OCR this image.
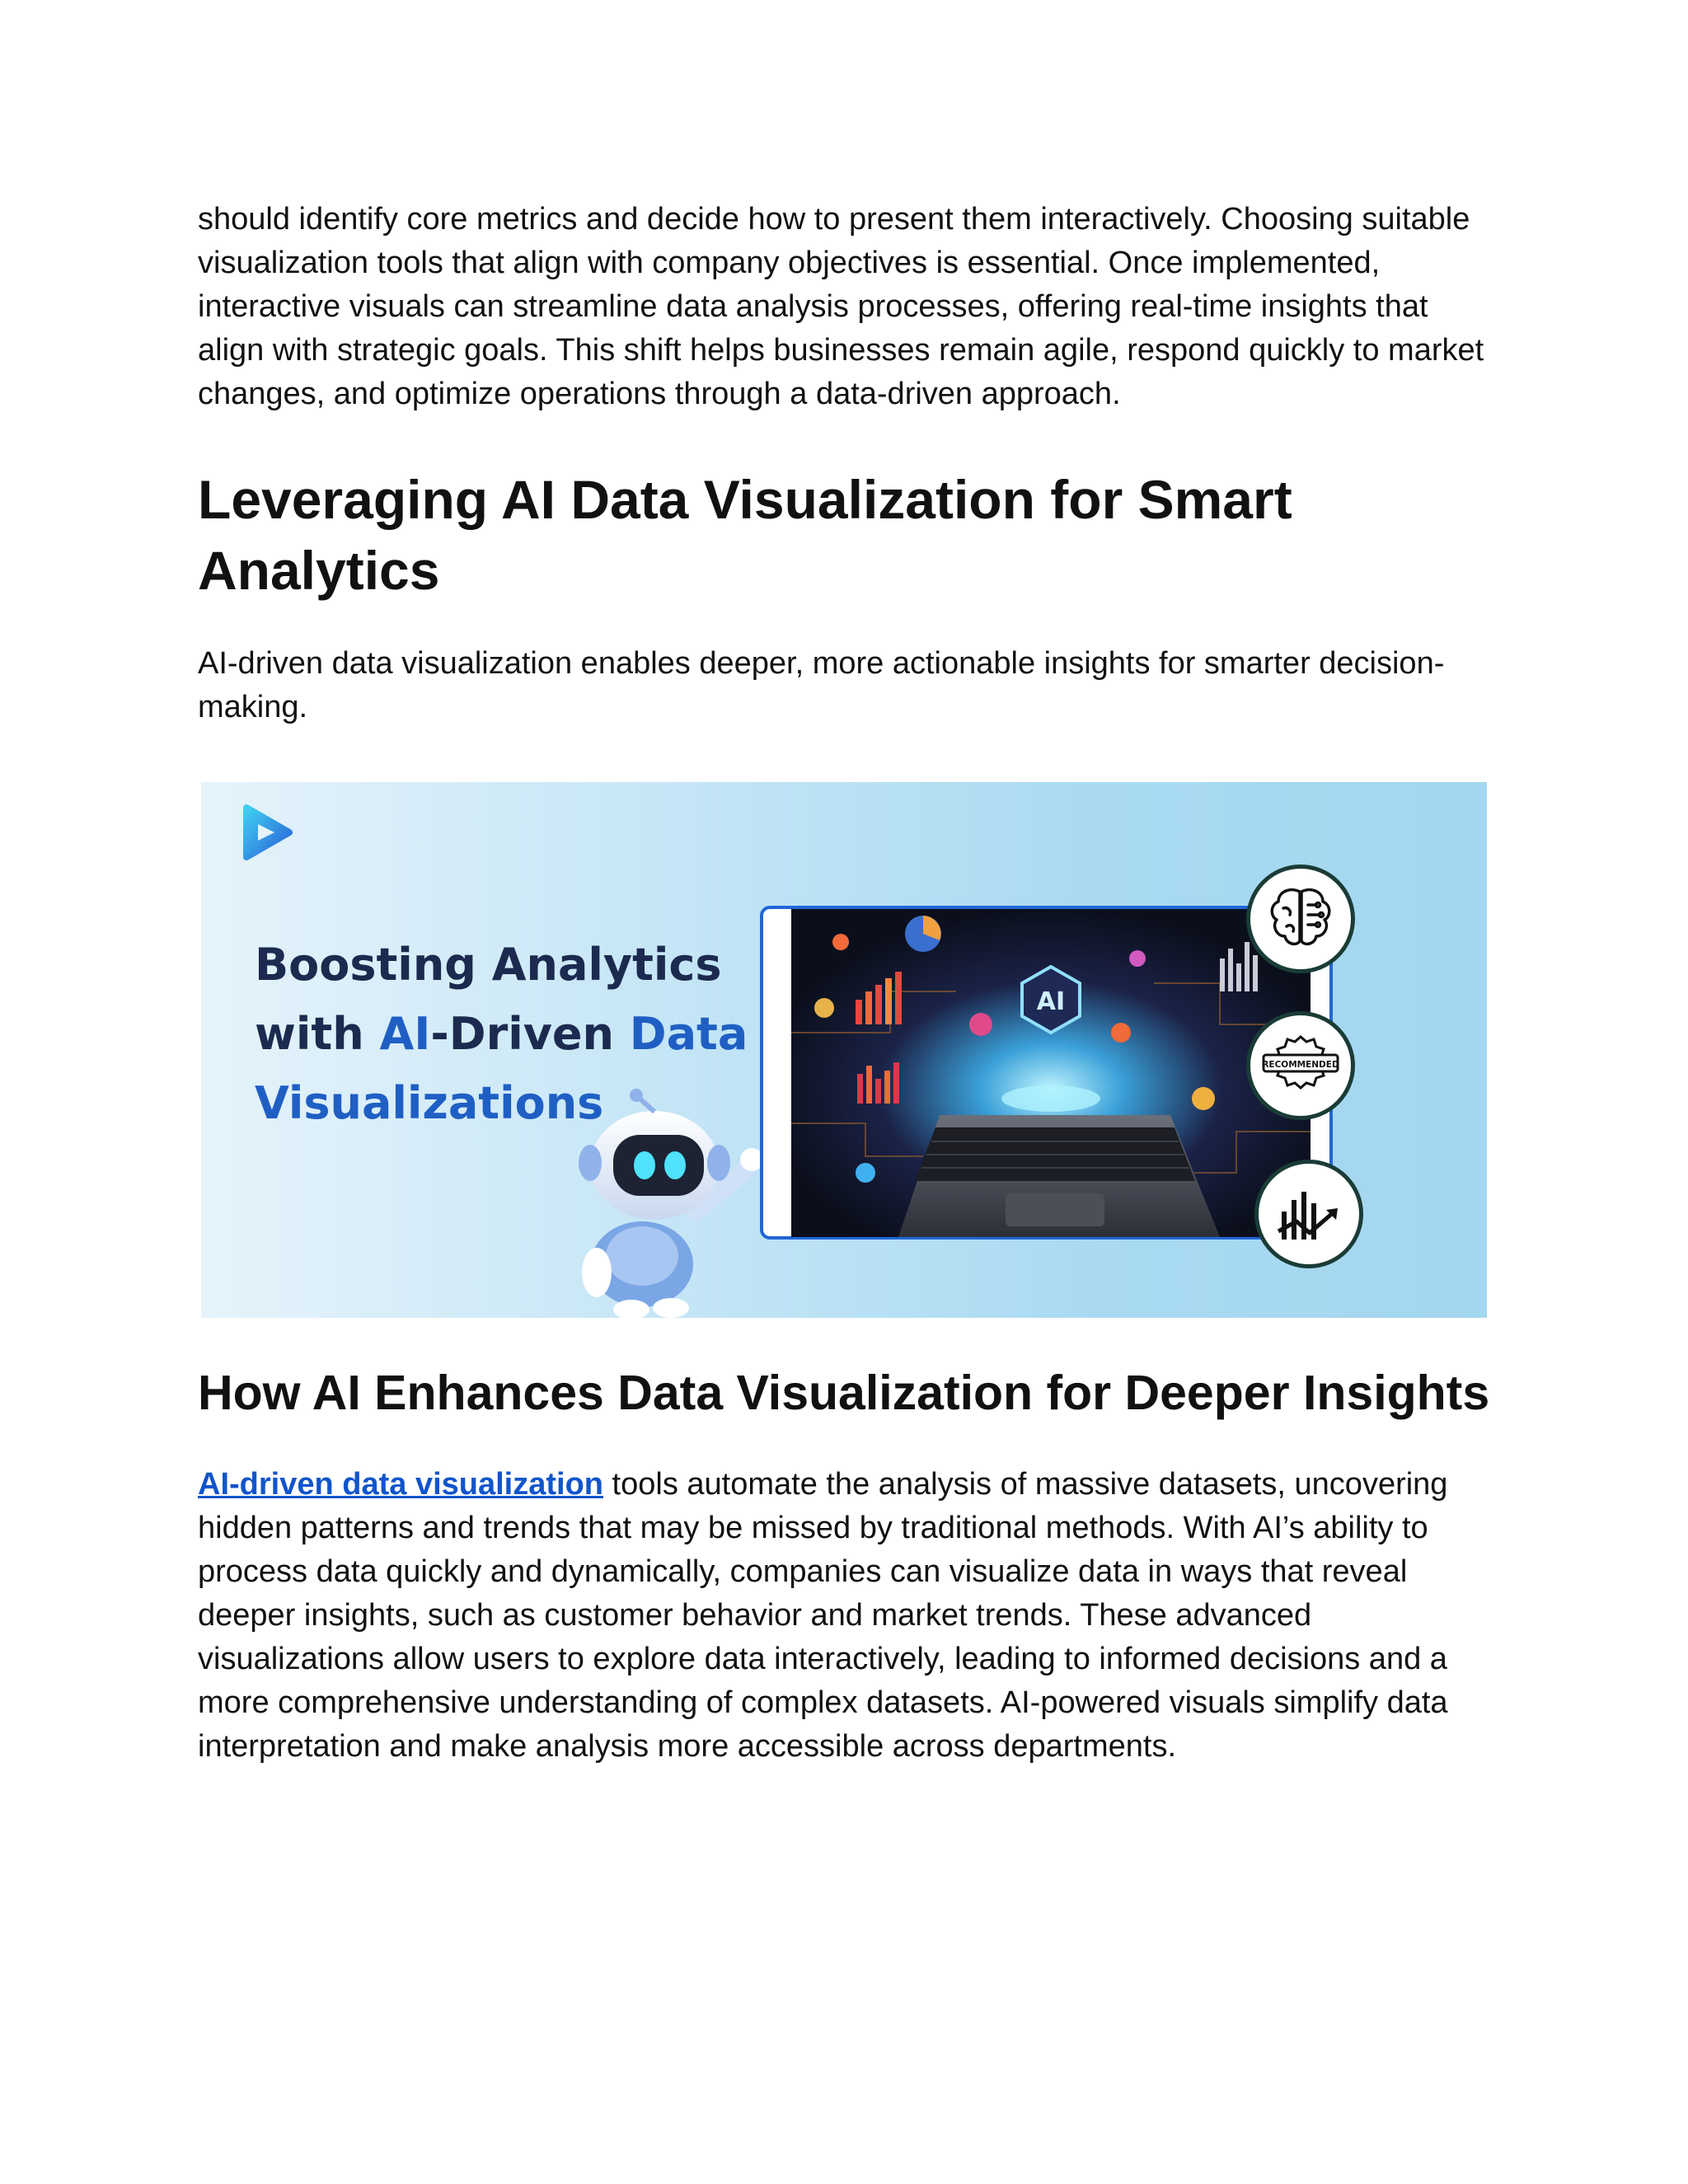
should identify core metrics and decide how to present them interactively. Choosing suitable visualization tools that align with company objectives is essential. Once implemented, interactive visuals can streamline data analysis processes, offering real-time insights that align with strategic goals. This shift helps businesses remain agile, respond quickly to market changes, and optimize operations through a data-driven approach.

Leveraging AI Data Visualization for Smart Analytics

AI-driven data visualization enables deeper, more actionable insights for smarter decision-making.

Boosting Analytics with AI-Driven Data Visualizations
AI
RECOMMENDED
How AI Enhances Data Visualization for Deeper Insights

AI-driven data visualization tools automate the analysis of massive datasets, uncovering hidden patterns and trends that may be missed by traditional methods. With AI’s ability to process data quickly and dynamically, companies can visualize data in ways that reveal deeper insights, such as customer behavior and market trends. These advanced visualizations allow users to explore data interactively, leading to informed decisions and a more comprehensive understanding of complex datasets. AI-powered visuals simplify data interpretation and make analysis more accessible across departments.
